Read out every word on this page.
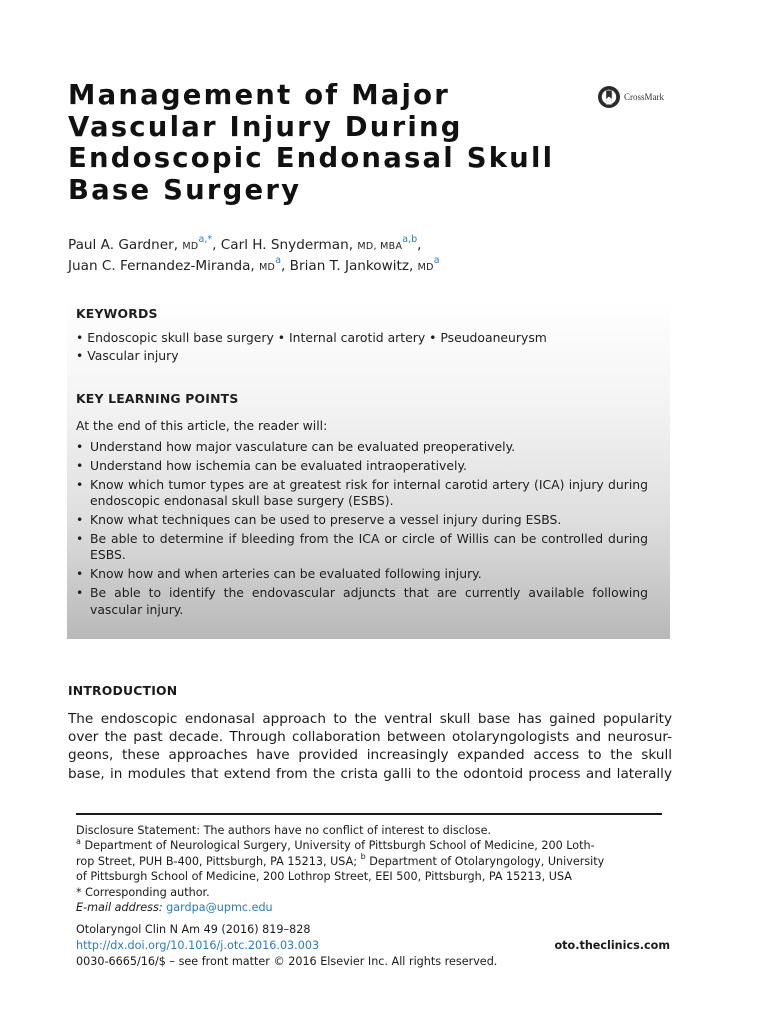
Management of Major
Vascular Injury During
Endoscopic Endonasal Skull
Base Surgery
CrossMark
Paul A. Gardner, $MD^{a,*}$, Carl H. Snyderman, MD, MBA$^{a,b}$,
Juan C. Fernandez-Miranda, $MD^a$, Brian T. Jankowitz, $MD^a$
KEYWORDS
• Endoscopic skull base surgery • Internal carotid artery • Pseudoaneurysm
• Vascular injury
KEY LEARNING POINTS
At the end of this article, the reader will:
• Understand how major vasculature can be evaluated preoperatively.
• Understand how ischemia can be evaluated intraoperatively.
• Know which tumor types are at greatest risk for internal carotid artery (ICA) injury during endoscopic endonasal skull base surgery (ESBS).
• Know what techniques can be used to preserve a vessel injury during ESBS.
• Be able to determine if bleeding from the ICA or circle of Willis can be controlled during ESBS.
• Know how and when arteries can be evaluated following injury.
• Be able to identify the endovascular adjuncts that are currently available following vascular injury.
INTRODUCTION

The endoscopic endonasal approach to the ventral skull base has gained popularity
over the past decade. Through collaboration between otolaryngologists and neurosur-
geons, these approaches have provided increasingly expanded access to the skull
base, in modules that extend from the crista galli to the odontoid process and laterally

Disclosure Statement: The authors have no conflict of interest to disclose.
$^a$ Department of Neurological Surgery, University of Pittsburgh School of Medicine, 200 Loth-
rop Street, PUH B-400, Pittsburgh, PA 15213, USA; $^b$ Department of Otolaryngology, University
of Pittsburgh School of Medicine, 200 Lothrop Street, EEI 500, Pittsburgh, PA 15213, USA
* Corresponding author.
E-mail address: gardpa@upmc.edu
Otolaryngol Clin N Am 49 (2016) 819–828
http://dx.doi.org/10.1016/j.otc.2016.03.003
0030-6665/16/$ – see front matter © 2016 Elsevier Inc. All rights reserved.
oto.theclinics.com
